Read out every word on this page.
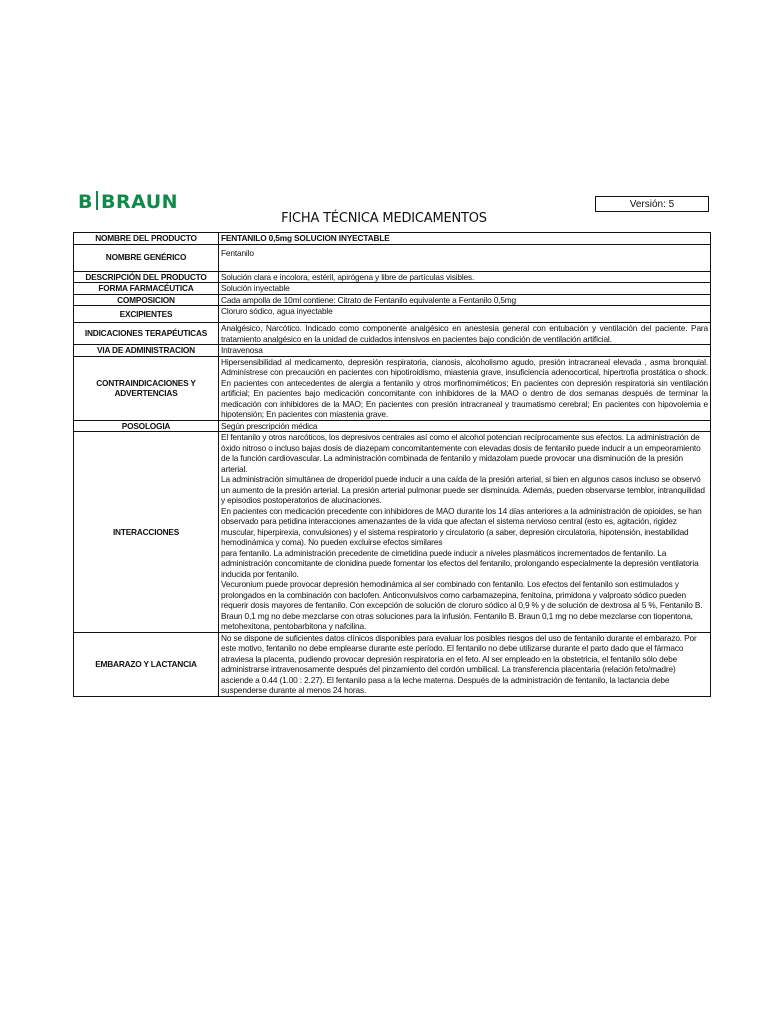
B BRAUN	Versión: 5
FICHA TÉCNICA MEDICAMENTOS
NOMBRE DEL PRODUCTO	FENTANILO 0,5mg SOLUCION INYECTABLE
NOMBRE GENÉRICO	Fentanilo
DESCRIPCIÓN DEL PRODUCTO	Solución clara e incolora, estéril, apirógena y libre de partículas visibles.
FORMA FARMACÉUTICA	Solución inyectable
COMPOSICION	Cada ampolla de 10ml contiene: Citrato de Fentanilo equivalente a Fentanilo 0,5mg
EXCIPIENTES	Cloruro sódico, agua inyectable
INDICACIONES TERAPÉUTICAS	Analgésico, Narcótico. Indicado como componente analgésico en anestesia general con entubación y ventilación del paciente. Para tratamiento analgésico en la unidad de cuidados intensivos en pacientes bajo condición de ventilación artificial.
VIA DE ADMINISTRACION	Intravenosa

CONTRAINDICACIONES Y
ADVERTENCIAS	Hipersensibilidad al medicamento, depresión respiratoria, cianosis, alcoholismo agudo, presión intracraneal elevada , asma bronquial. Adminístrese con precaución en pacientes con hipotiroidismo, miastenia grave, insuficiencia adenocortical, hipertrofia prostática o shock. En pacientes con antecedentes de alergia a fentanilo y otros morfinomiméticos; En pacientes con depresión respiratoria sin ventilación artificial; En pacientes bajo medicación concomitante con inhibidores de la MAO o dentro de dos semanas después de terminar la medicación con inhibidores de la MAO; En pacientes con presión intracraneal y traumatismo cerebral; En pacientes con hipovolemia e hipotensión; En pacientes con miastenia grave.
POSOLOGIA	Según prescripción médica
INTERACCIONES	El fentanilo y otros narcóticos, los depresivos centrales así como el alcohol potencian recíprocamente sus efectos. La administración de óxido nitroso o incluso bajas dosis de diazepam concomitantemente con elevadas dosis de fentanilo puede inducir a un empeoramiento de la función cardiovascular. La administración combinada de fentanilo y midazolam puede provocar una disminución de la presión arterial.
La administración simultánea de droperidol puede inducir a una caída de la presión arterial, si bien en algunos casos incluso se observó un aumento de la presión arterial. La presión arterial pulmonar puede ser disminuida. Además, pueden observarse temblor, intranquilidad y episodios postoperatorios de alucinaciones.
En pacientes con medicación precedente con inhibidores de MAO durante los 14 días anteriores a la administración de opioides, se han observado para petidina interacciones amenazantes de la vida que afectan el sistema nervioso central (esto es, agitación, rigidez muscular, hiperpirexia, convulsiones) y el sistema respiratorio y circulatorio (a saber, depresión circulatoria, hipotensión, inestabilidad hemodinámica y coma). No pueden excluirse efectos similares
para fentanilo. La administración precedente de cimetidina puede inducir a niveles plasmáticos incrementados de fentanilo. La administración concomitante de clonidina puede fomentar los efectos del fentanilo, prolongando especialmente la depresión ventilatoria inducida por fentanilo.
Vecuronium puede provocar depresión hemodinámica al ser combinado con fentanilo. Los efectos del fentanilo son estimulados y prolongados en la combinación con baclofen. Anticonvulsivos como carbamazepina, fenitoína, primidona y valproato sódico pueden requerir dosis mayores de fentanilo. Con excepción de solución de cloruro sódico al 0,9 % y de solución de dextrosa al 5 %, Fentanilo B. Braun 0,1 mg no debe mezclarse con otras soluciones para la infusión. Fentanilo B. Braun 0,1 mg no debe mezclarse con tiopentona, metohexitona, pentobarbitona y nafcilina.

EMBARAZO Y LACTANCIA	No se dispone de suficientes datos clínicos disponibles para evaluar los posibles riesgos del uso de fentanilo durante el embarazo. Por este motivo, fentanilo no debe emplearse durante este período. El fentanilo no debe utilizarse durante el parto dado que el fármaco atraviesa la placenta, pudiendo provocar depresión respiratoria en el feto. Al ser empleado en la obstetricia, el fentanilo sólo debe administrarse intravenosamente después del pinzamiento del cordón umbilical. La transferencia placentaria (relación feto/madre) asciende a 0.44 (1.00 : 2.27). El fentanilo pasa a la leche materna. Después de la administración de fentanilo, la lactancia debe suspenderse durante al menos 24 horas.
